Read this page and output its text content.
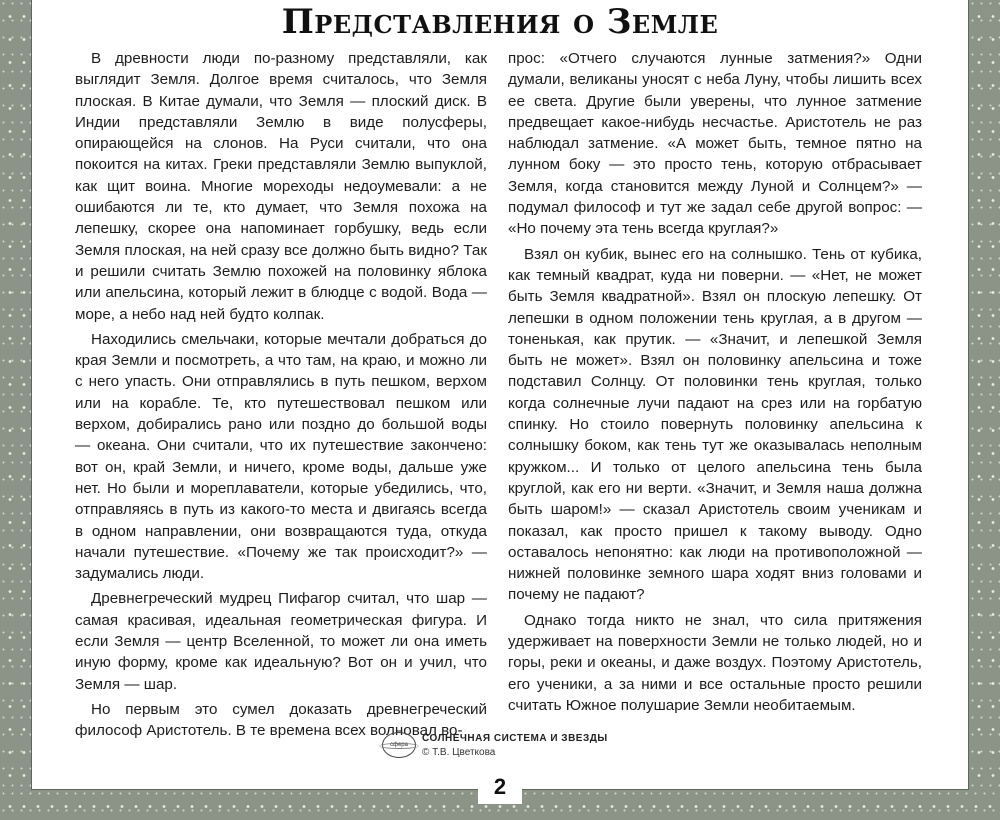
Представления о Земле

В древности люди по-разному представляли, как выглядит Земля. Долгое время считалось, что Земля плоская. В Китае думали, что Земля — плоский диск. В Индии представляли Землю в виде полусферы, опирающейся на слонов. На Руси считали, что она покоится на китах. Греки представляли Землю выпуклой, как щит воина. Многие мореходы недоумевали: а не ошибаются ли те, кто думает, что Земля похожа на лепешку, скорее она напоминает горбушку, ведь если Земля плоская, на ней сразу все должно быть видно? Так и решили считать Землю похожей на половинку яблока или апельсина, который лежит в блюдце с водой. Вода — море, а небо над ней будто колпак.

Находились смельчаки, которые мечтали добраться до края Земли и посмотреть, а что там, на краю, и можно ли с него упасть. Они отправлялись в путь пешком, верхом или на корабле. Те, кто путешествовал пешком или верхом, добирались рано или поздно до большой воды — океана. Они считали, что их путешествие закончено: вот он, край Земли, и ничего, кроме воды, дальше уже нет. Но были и мореплаватели, которые убедились, что, отправляясь в путь из какого-то места и двигаясь всегда в одном направлении, они возвращаются туда, откуда начали путешествие. «Почему же так происходит?» — задумались люди.

Древнегреческий мудрец Пифагор считал, что шар — самая красивая, идеальная геометрическая фигура. И если Земля — центр Вселенной, то может ли она иметь иную форму, кроме как идеальную? Вот он и учил, что Земля — шар.

Но первым это сумел доказать древнегреческий философ Аристотель. В те времена всех волновал во-

прос: «Отчего случаются лунные затмения?» Одни думали, великаны уносят с неба Луну, чтобы лишить всех ее света. Другие были уверены, что лунное затмение предвещает какое-нибудь несчастье. Аристотель не раз наблюдал затмение. «А может быть, темное пятно на лунном боку — это просто тень, которую отбрасывает Земля, когда становится между Луной и Солнцем?» — подумал философ и тут же задал себе другой вопрос: — «Но почему эта тень всегда круглая?»

Взял он кубик, вынес его на солнышко. Тень от кубика, как темный квадрат, куда ни поверни. — «Нет, не может быть Земля квадратной». Взял он плоскую лепешку. От лепешки в одном положении тень круглая, а в другом — тоненькая, как прутик. — «Значит, и лепешкой Земля быть не может». Взял он половинку апельсина и тоже подставил Солнцу. От половинки тень круглая, только когда солнечные лучи падают на срез или на горбатую спинку. Но стоило повернуть половинку апельсина к солнышку боком, как тень тут же оказывалась неполным кружком... И только от целого апельсина тень была круглой, как его ни верти. «Значит, и Земля наша должна быть шаром!» — сказал Аристотель своим ученикам и показал, как просто пришел к такому выводу. Одно оставалось непонятно: как люди на противоположной — нижней половинке земного шара ходят вниз головами и почему не падают?

Однако тогда никто не знал, что сила притяжения удерживает на поверхности Земли не только людей, но и горы, реки и океаны, и даже воздух. Поэтому Аристотель, его ученики, а за ними и все остальные просто решили считать Южное полушарие Земли необитаемым.

сфера
СОЛНЕЧНАЯ СИСТЕМА И ЗВЕЗДЫ
© Т.В. Цветкова
2
